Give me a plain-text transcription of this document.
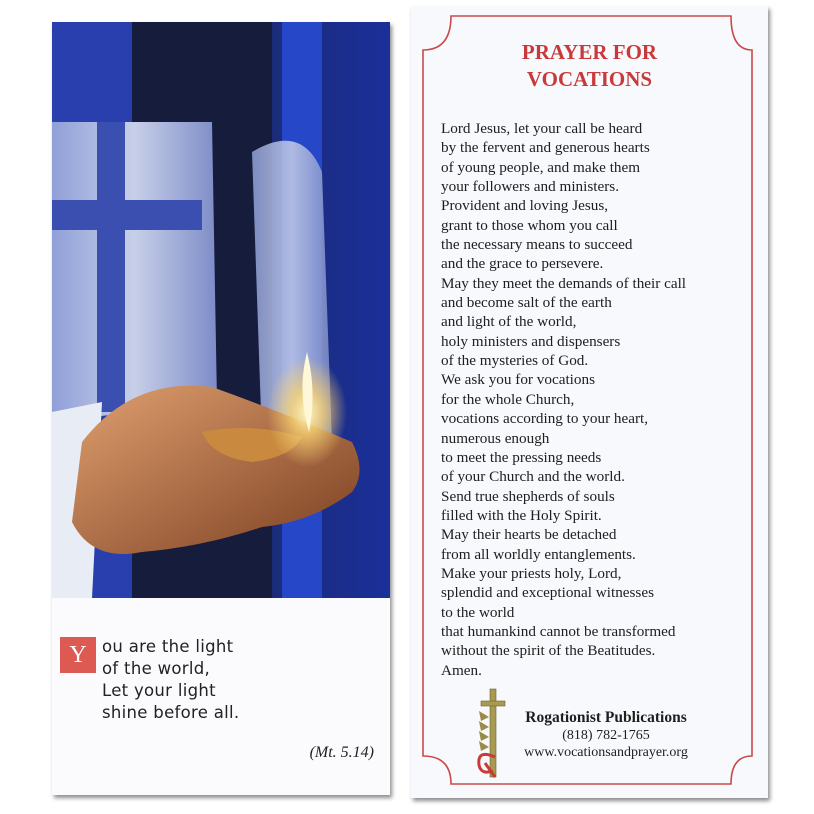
Y ou are the light
of the world,
Let your light
shine before all.
(Mt. 5.14)
PRAYER FOR
VOCATIONS
Lord Jesus, let your call be heard
by the fervent and generous hearts
of young people, and make them
your followers and ministers.
Provident and loving Jesus,
grant to those whom you call
the necessary means to succeed
and the grace to persevere.
May they meet the demands of their call
and become salt of the earth
and light of the world,
holy ministers and dispensers
of the mysteries of God.
We ask you for vocations
for the whole Church,
vocations according to your heart,
numerous enough
to meet the pressing needs
of your Church and the world.
Send true shepherds of souls
filled with the Holy Spirit.
May their hearts be detached
from all worldly entanglements.
Make your priests holy, Lord,
splendid and exceptional witnesses
to the world
that humankind cannot be transformed
without the spirit of the Beatitudes.
Amen.
Rogationist Publications
(818) 782-1765
www.vocationsandprayer.org
